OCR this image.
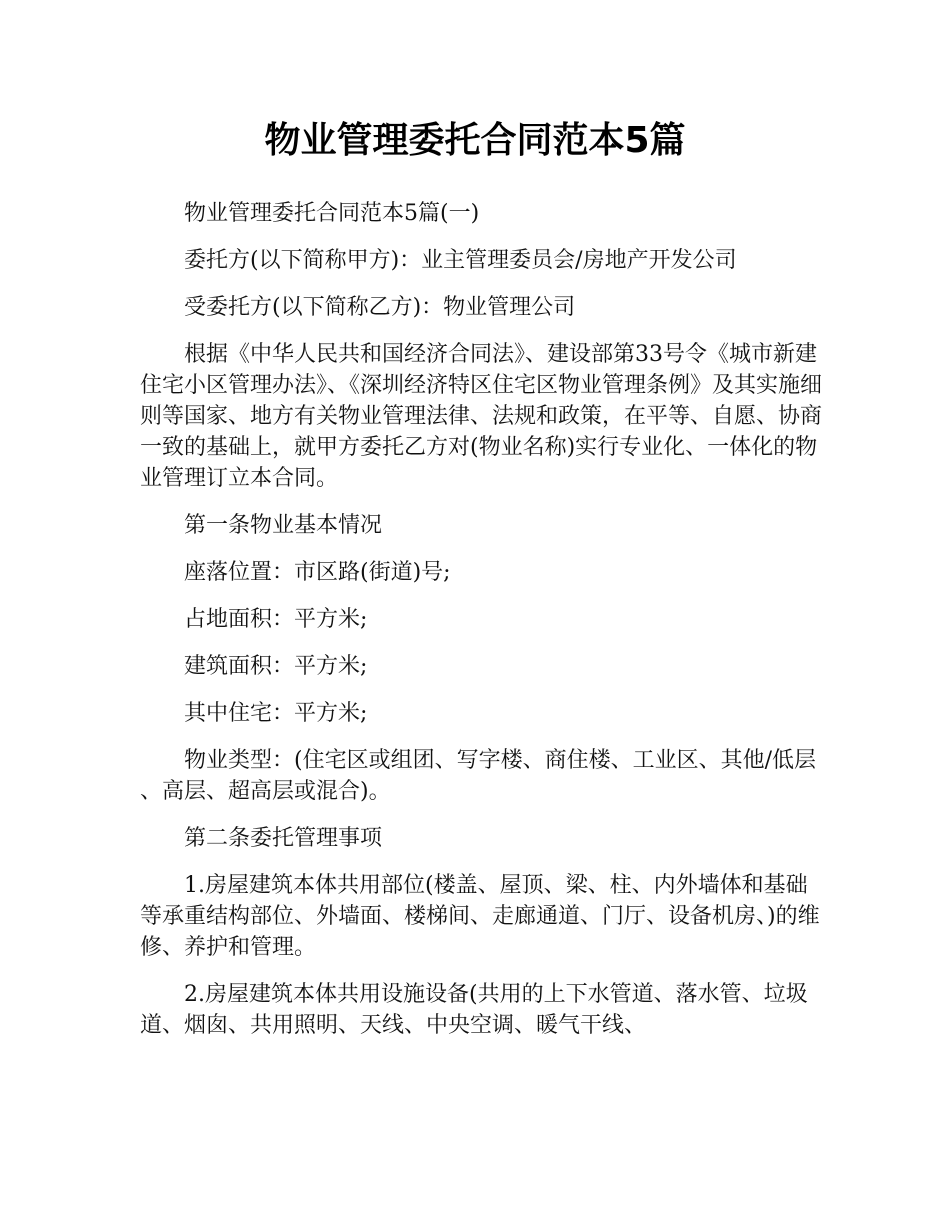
物业管理委托合同范本5篇

物业管理委托合同范本5篇(一)

委托方(以下简称甲方)：业主管理委员会/房地产开发公司

受委托方(以下简称乙方)：物业管理公司

根据《中华人民共和国经济合同法》、建设部第33号令《城市新建住宅小区管理办法》、《深圳经济特区住宅区物业管理条例》及其实施细则等国家、地方有关物业管理法律、法规和政策，在平等、自愿、协商一致的基础上，就甲方委托乙方对(物业名称)实行专业化、一体化的物业管理订立本合同。

第一条物业基本情况

座落位置：市区路(街道)号;

占地面积：平方米;

建筑面积：平方米;

其中住宅：平方米;

物业类型：(住宅区或组团、写字楼、商住楼、工业区、其他/低层、高层、超高层或混合)。

第二条委托管理事项

1.房屋建筑本体共用部位(楼盖、屋顶、梁、柱、内外墙体和基础等承重结构部位、外墙面、楼梯间、走廊通道、门厅、设备机房、)的维修、养护和管理。

2.房屋建筑本体共用设施设备(共用的上下水管道、落水管、垃圾道、烟囱、共用照明、天线、中央空调、暖气干线、
